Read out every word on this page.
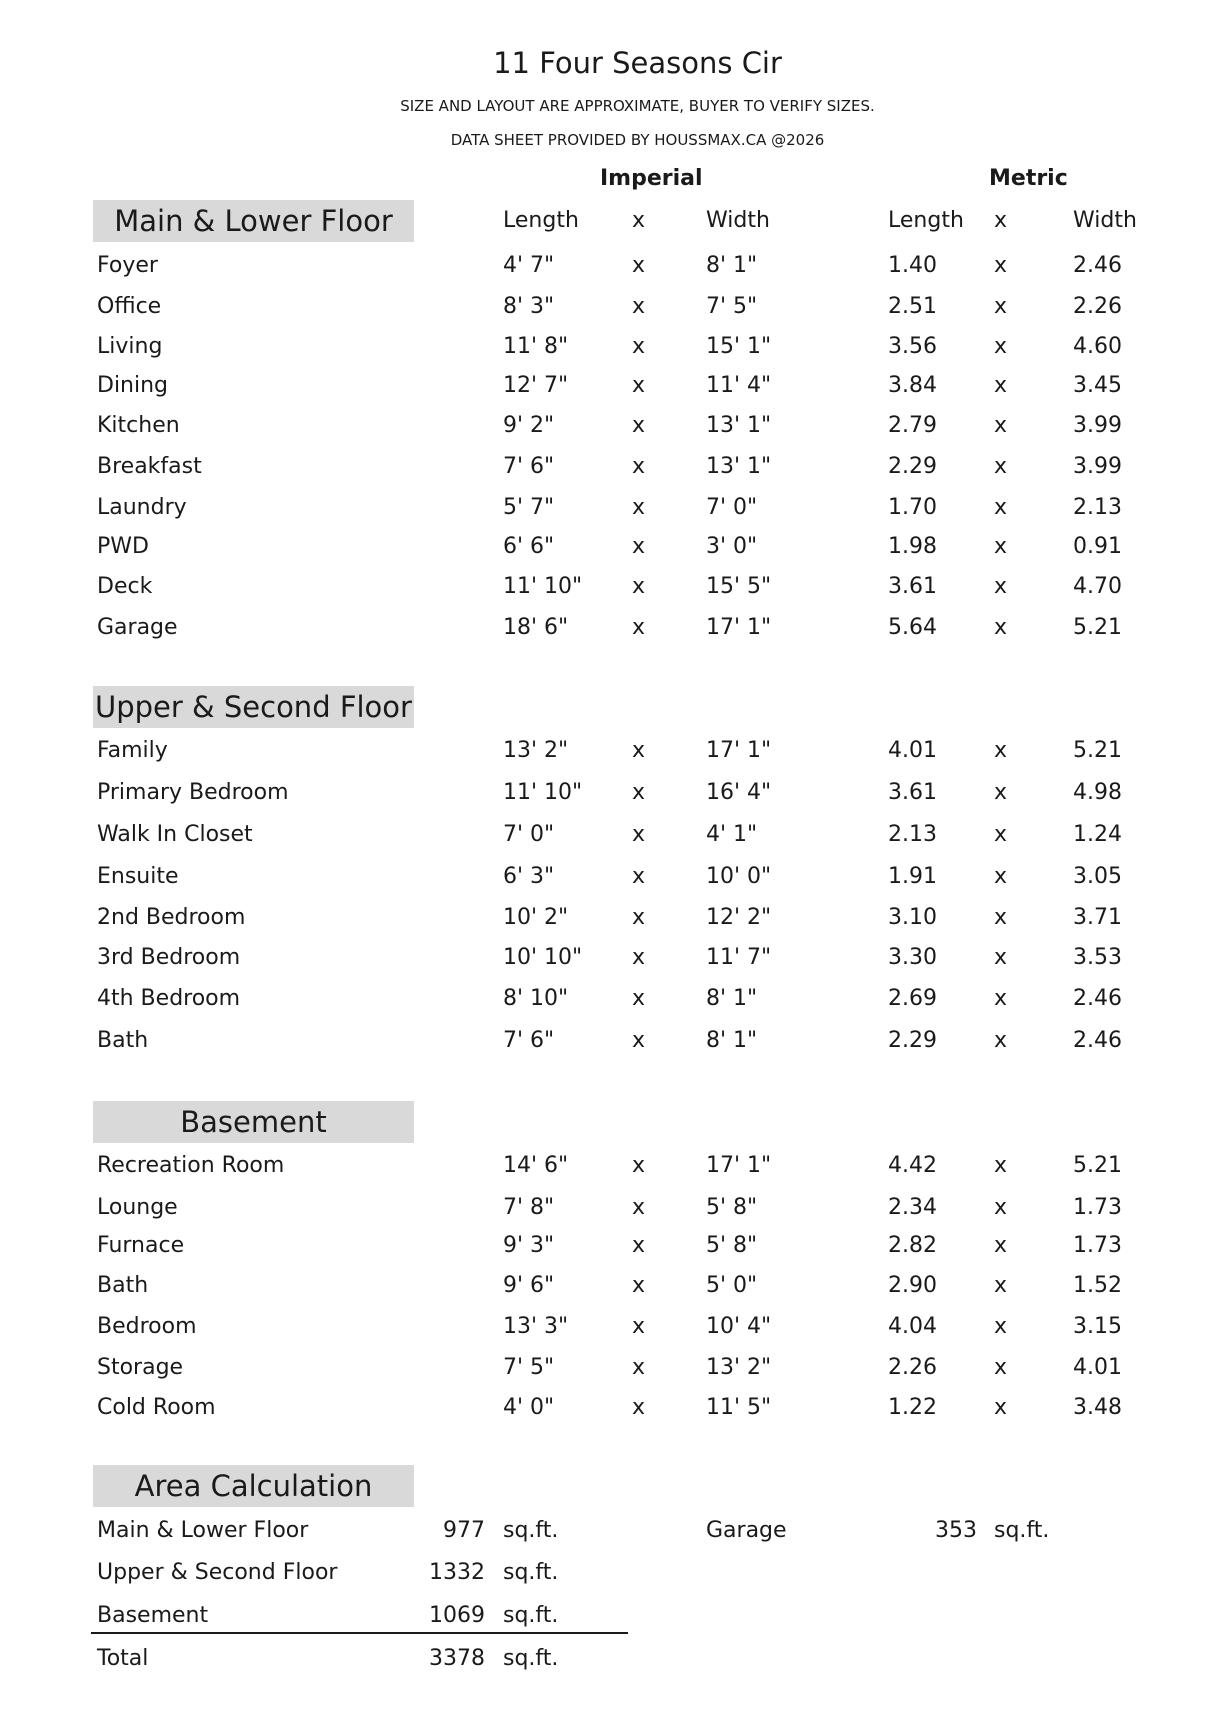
11 Four Seasons Cir
SIZE AND LAYOUT ARE APPROXIMATE, BUYER TO VERIFY SIZES.
DATA SHEET PROVIDED BY HOUSSMAX.CA @2026
Imperial	Metric
Main & Lower Floor	Length x	Width	Length x	Width
Foyer	4' 7"	x	8' 1"	1.40	x	2.46
Office	8' 3"	x	7' 5"	2.51	x	2.26
Living	11' 8"	x	15' 1"	3.56	x	4.60
Dining	12' 7"	x	11' 4"	3.84	x	3.45
Kitchen	9' 2"	x	13' 1"	2.79	x	3.99
Breakfast	7' 6"	x	13' 1"	2.29	x	3.99
Laundry	5' 7"	x	7' 0"	1.70	x	2.13
PWD	6' 6"	x	3' 0"	1.98	x	0.91
Deck	11' 10" x	15' 5"	3.61	x	4.70
Garage	18' 6"	x	17' 1"	5.64	x	5.21
Upper & Second Floor
Family	13' 2"	x	17' 1"	4.01	x	5.21
Primary Bedroom	11' 10" x	16' 4"	3.61	x	4.98
Walk In Closet	7' 0"	x	4' 1"	2.13	x	1.24
Ensuite	6' 3"	x	10' 0"	1.91	x	3.05
2nd Bedroom	10' 2"	x	12' 2"	3.10	x	3.71
3rd Bedroom	10' 10" x	11' 7"	3.30	x	3.53
4th Bedroom	8' 10"	x	8' 1"	2.69	x	2.46
Bath	7' 6"	x	8' 1"	2.29	x	2.46
Basement
Recreation Room	14' 6"	x	17' 1"	4.42	x	5.21
Lounge	7' 8"	x	5' 8"	2.34	x	1.73
Furnace	9' 3"	x	5' 8"	2.82	x	1.73
Bath	9' 6"	x	5' 0"	2.90	x	1.52
Bedroom	13' 3"	x	10' 4"	4.04	x	3.15
Storage	7' 5"	x	13' 2"	2.26	x	4.01
Cold Room	4' 0"	x	11' 5"	1.22	x	3.48
Area Calculation
Main & Lower Floor	977 sq.ft.	Garage	353 sq.ft.
Upper & Second Floor	1332 sq.ft.
Basement	1069 sq.ft.
Total	3378 sq.ft.
